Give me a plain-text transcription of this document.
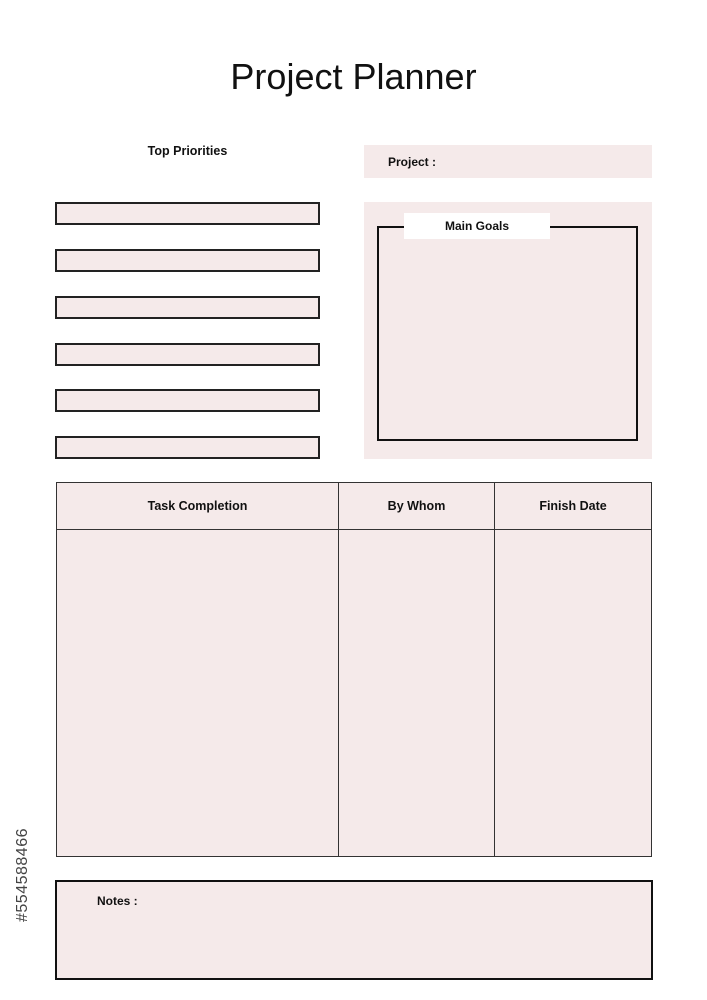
Project Planner
Top Priorities
Project :
Main Goals
Task Completion	By Whom	Finish Date

Notes :
#554588466
